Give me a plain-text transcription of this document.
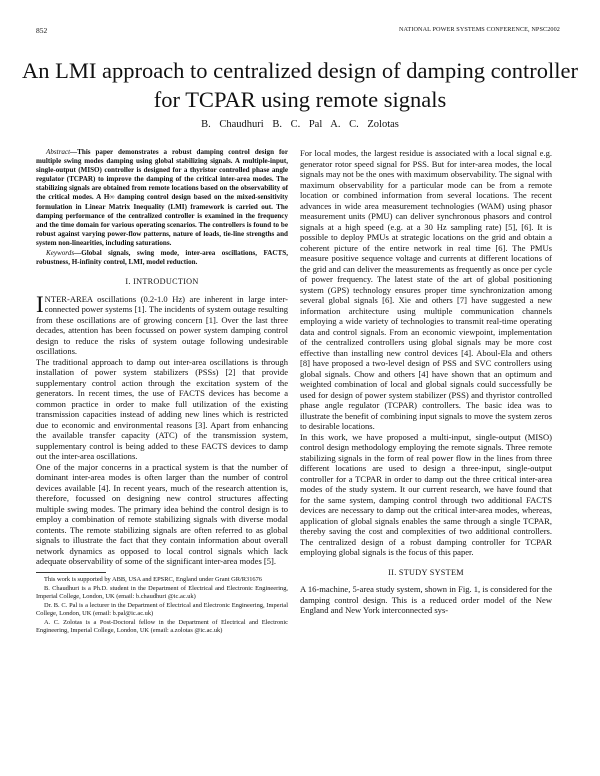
852	NATIONAL POWER SYSTEMS CONFERENCE, NPSC2002
An LMI approach to centralized design of damping controller for TCPAR using remote signals
B. Chaudhuri B. C. Pal A. C. Zolotas

Abstract—This paper demonstrates a robust damping control design for multiple swing modes damping using global stabilizing signals. A multiple-input, single-output (MISO) controller is designed for a thyristor controlled phase angle regulator (TCPAR) to improve the damping of the critical inter-area modes. The stabilizing signals are obtained from remote locations based on the observability of the critical modes. A H∞ damping control design based on the mixed-sensitivity formulation in Linear Matrix Inequality (LMI) framework is carried out. The damping performance of the centralized controller is examined in the frequency and the time domain for various operating scenarios. The controllers is found to be robust against varying power-flow patterns, nature of loads, tie-line strengths and system non-linearities, including saturations.

Keywords—Global signals, swing mode, inter-area oscillations, FACTS, robustness, H-infinity control, LMI, model reduction.

I. INTRODUCTION

INTER-AREA oscillations (0.2-1.0 Hz) are inherent in large inter-connected power systems [1]. The incidents of system outage resulting from these oscillations are of growing concern [1]. Over the last three decades, attention has been focussed on power system damping control design to reduce the risks of system outage following undesirable oscillations.

The traditional approach to damp out inter-area oscillations is through installation of power system stabilizers (PSSs) [2] that provide supplementary control action through the excitation system of the generators. In recent times, the use of FACTS devices has become a common practice in order to make full utilization of the existing transmission capacities instead of adding new lines which is restricted due to economic and environmental reasons [3]. Apart from enhancing the available transfer capacity (ATC) of the transmission system, supplementary control is being added to these FACTS devices to damp out the inter-area oscillations.

One of the major concerns in a practical system is that the number of dominant inter-area modes is often larger than the number of control devices available [4]. In recent years, much of the research attention is, therefore, focussed on designing new control structures affecting multiple swing modes. The primary idea behind the control design is to employ a combination of remote stabilizing signals with diverse modal contents. The remote stabilizing signals are often referred to as global signals to illustrate the fact that they contain information about overall network dynamics as opposed to local control signals which lack adequate observability of some of the significant inter-area modes [5].

This work is supported by ABB, USA and EPSRC, England under Grant GR/R31676

B. Chaudhuri is a Ph.D. student in the Department of Electrical and Electronic Engineering, Imperial College, London, UK (email: b.chaudhuri @ic.ac.uk)

Dr. B. C. Pal is a lecturer in the Department of Electrical and Electronic Engineering, Imperial College, London, UK (email: b.pal@ic.ac.uk)

A. C. Zolotas is a Post-Doctoral fellow in the Department of Electrical and Electronic Engineering, Imperial College, London, UK (email: a.zolotas @ic.ac.uk)

For local modes, the largest residue is associated with a local signal e.g. generator rotor speed signal for PSS. But for inter-area modes, the local signals may not be the ones with maximum observability. The signal with maximum observability for a particular mode can be from a remote location or combined information from several locations. The recent advances in wide area measurement technologies (WAM) using phasor measurement units (PMU) can deliver synchronous phasors and control signals at a high speed (e.g. at a 30 Hz sampling rate) [5], [6]. It is possible to deploy PMUs at strategic locations on the grid and obtain a coherent picture of the entire network in real time [6]. The PMUs measure positive sequence voltage and currents at different locations of the grid and can deliver the measurements as frequently as once per cycle of power frequency. The latest state of the art of global positioning system (GPS) technology ensures proper time synchronization among several global signals [6]. Xie and others [7] have suggested a new information architecture using multiple communication channels employing a wide variety of technologies to transmit real-time operating data and control signals. From an economic viewpoint, implementation of the centralized controllers using global signals may be more cost effective than installing new control devices [4]. Aboul-Ela and others [8] have proposed a two-level design of PSS and SVC controllers using global signals. Chow and others [4] have shown that an optimum and weighted combination of local and global signals could successfully be used for design of power system stabilizer (PSS) and thyristor controlled phase angle regulator (TCPAR) controllers. The basic idea was to illustrate the benefit of combining input signals to move the system zeros to desirable locations.

In this work, we have proposed a multi-input, single-output (MISO) control design methodology employing the remote signals. Three remote stabilizing signals in the form of real power flow in the lines from three different locations are used to design a three-input, single-output controller for a TCPAR in order to damp out the three critical inter-area modes of the study system. It our current research, we have found that for the same system, damping control through two additional FACTS devices are necessary to damp out the critical inter-area modes, whereas, application of global signals enables the same through a single TCPAR, thereby saving the cost and complexities of two additional controllers. The centralized design of a robust damping controller for TCPAR employing global signals is the focus of this paper.

II. STUDY SYSTEM

A 16-machine, 5-area study system, shown in Fig. 1, is considered for the damping control design. This is a reduced order model of the New England and New York interconnected sys-
